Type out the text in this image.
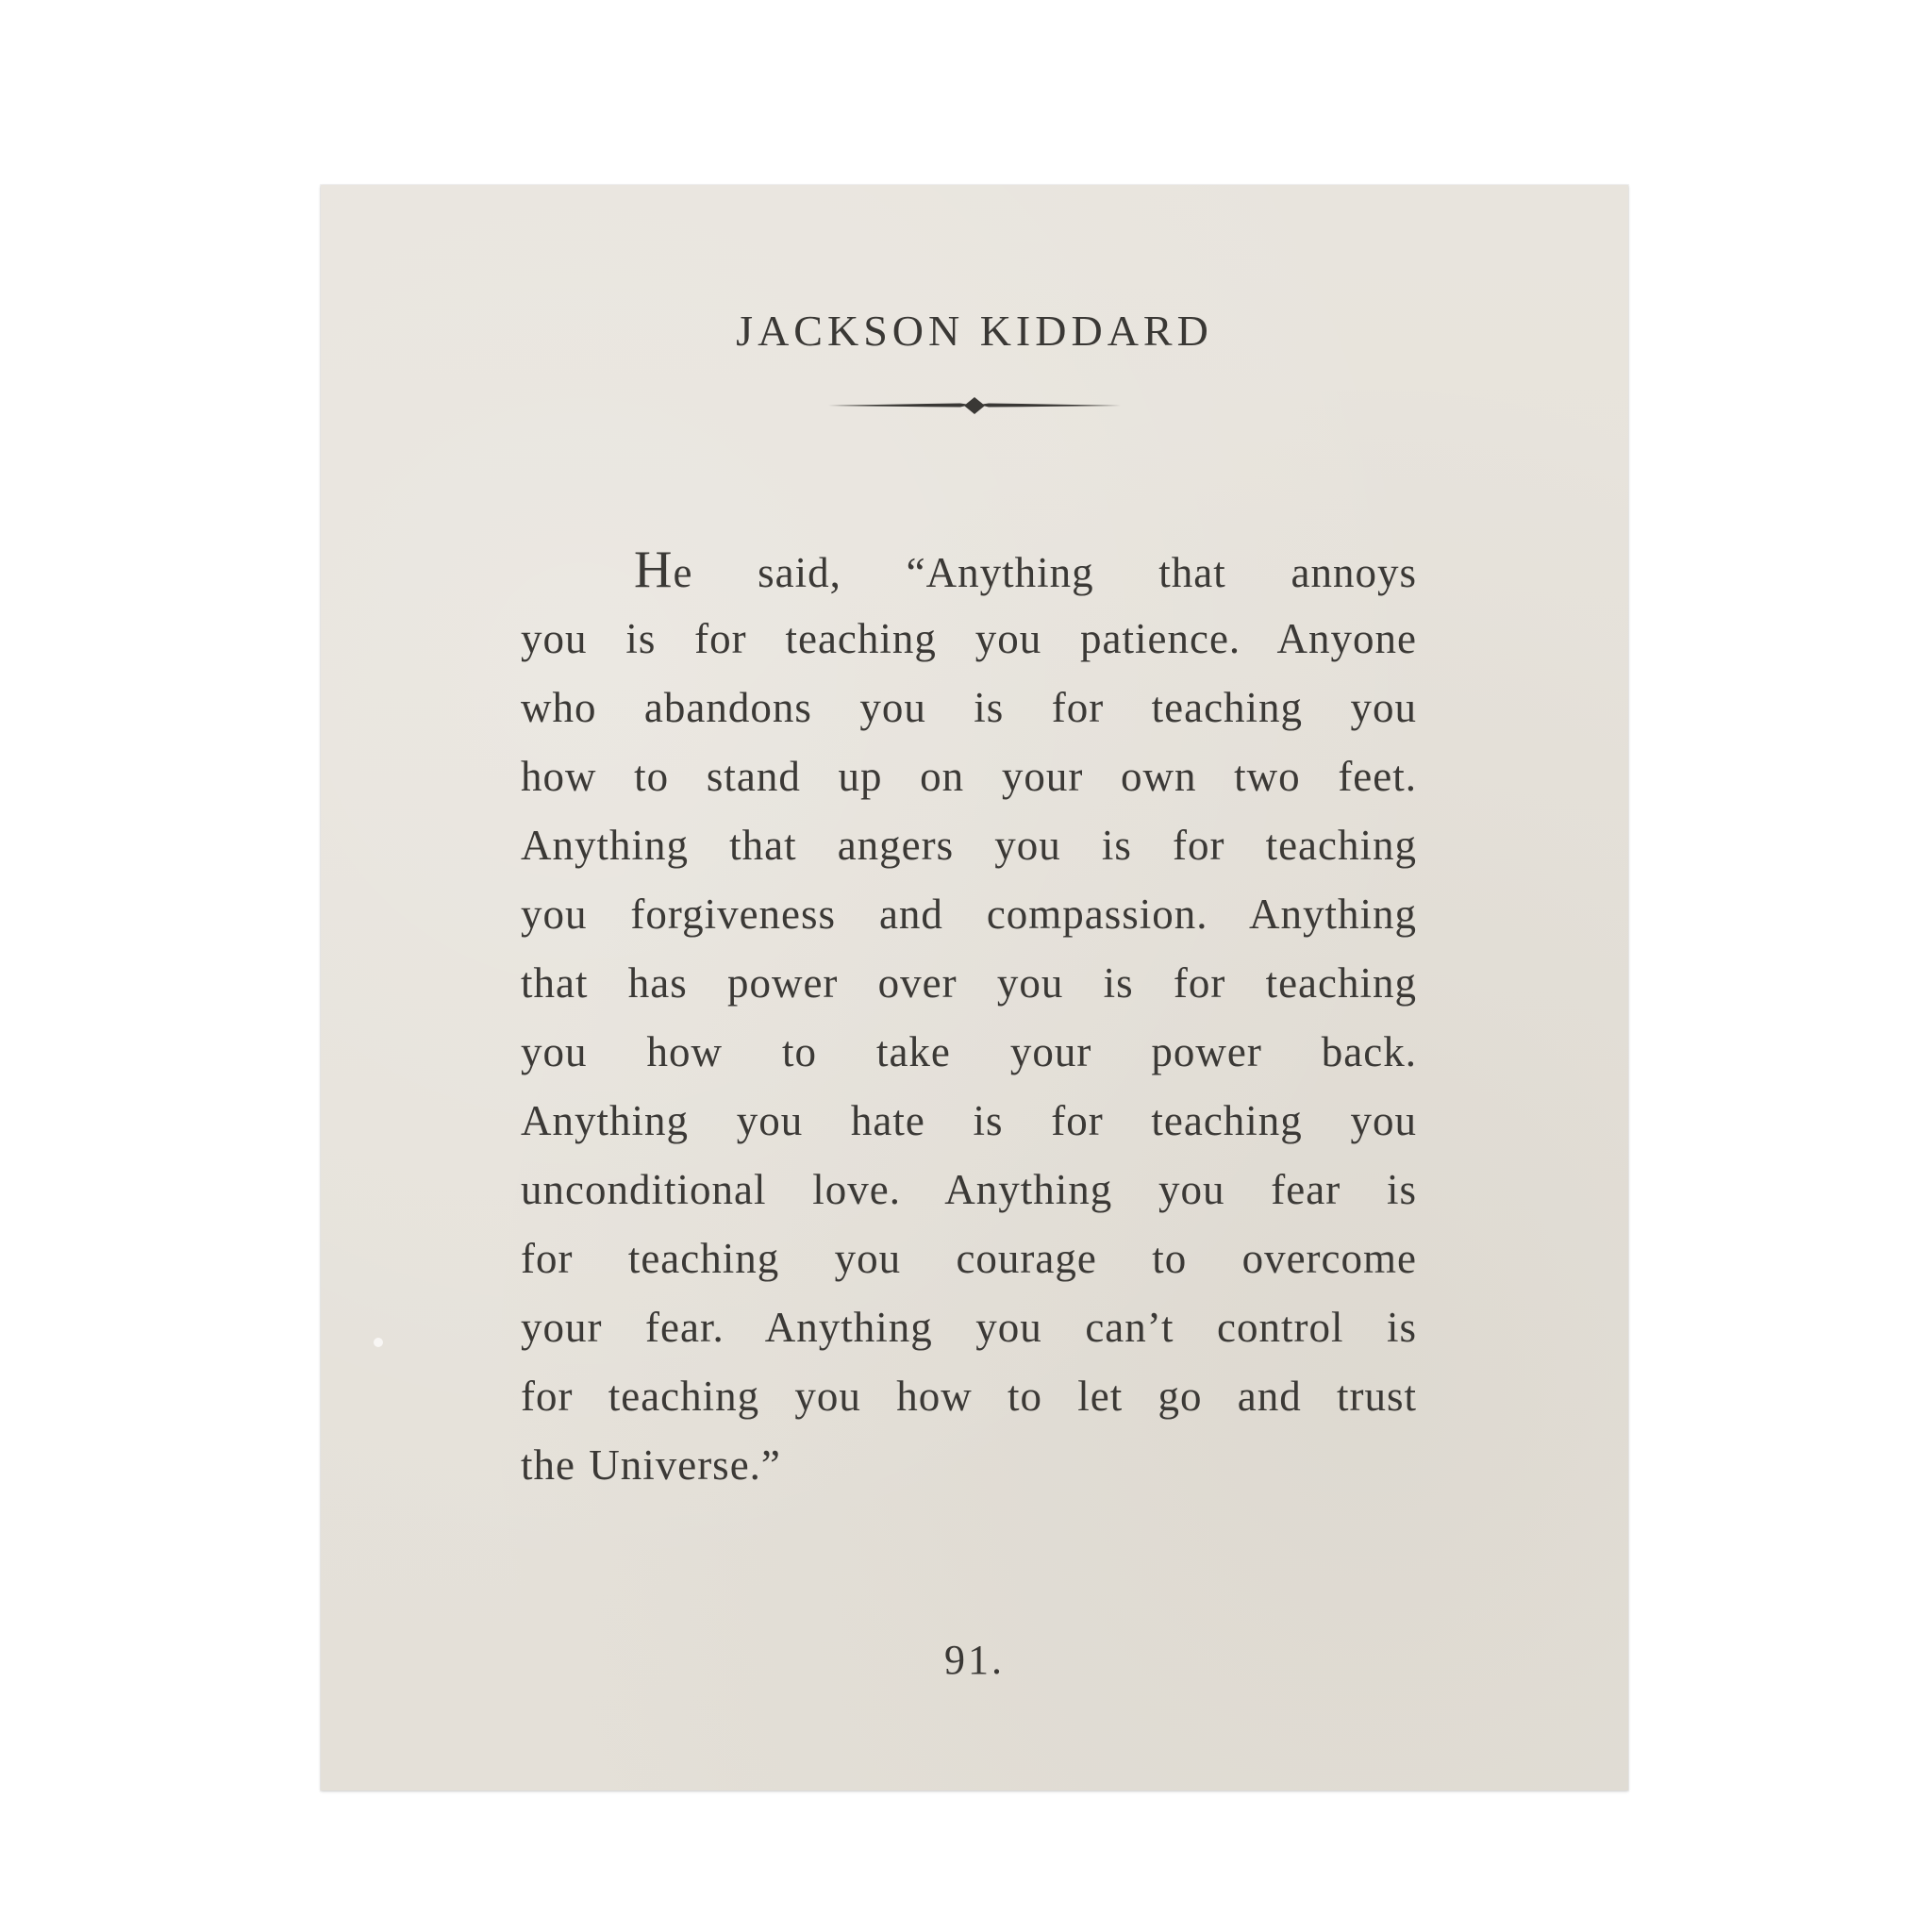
JACKSON KIDDARD
He said, “Anything that annoys
you is for teaching you patience. Anyone
who abandons you is for teaching you
how to stand up on your own two feet.
Anything that angers you is for teaching
you forgiveness and compassion. Anything
that has power over you is for teaching
you how to take your power back.
Anything you hate is for teaching you
unconditional love. Anything you fear is
for teaching you courage to overcome
your fear. Anything you can’t control is
for teaching you how to let go and trust
the Universe.”
91.
